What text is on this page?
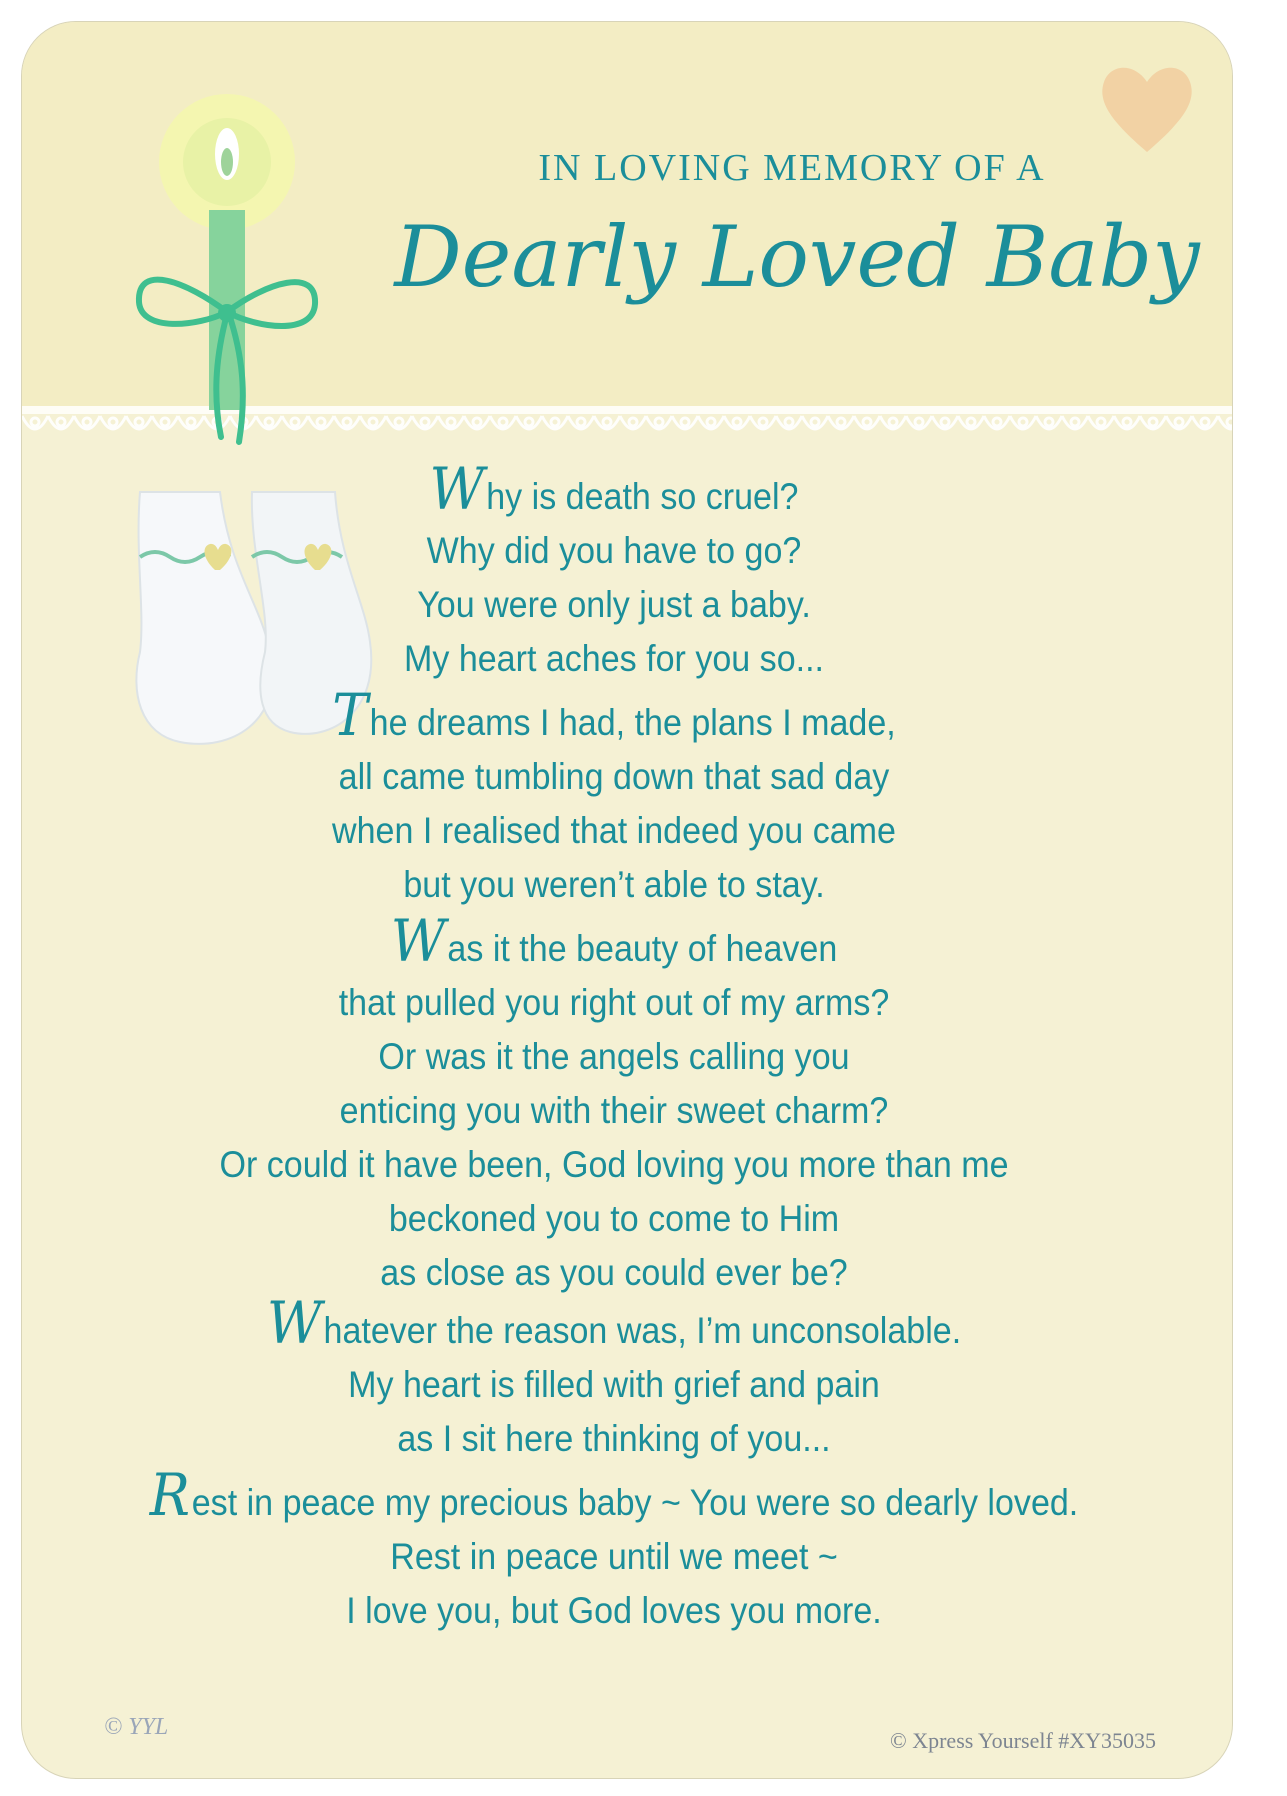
IN LOVING MEMORY OF A
Dearly Loved Baby
Why is death so cruel?
Why did you have to go?
You were only just a baby.
My heart aches for you so...
The dreams I had, the plans I made,
all came tumbling down that sad day
when I realised that indeed you came
but you weren’t able to stay.
Was it the beauty of heaven
that pulled you right out of my arms?
Or was it the angels calling you
enticing you with their sweet charm?
Or could it have been, God loving you more than me
beckoned you to come to Him
as close as you could ever be?
Whatever the reason was, I’m unconsolable.
My heart is filled with grief and pain
as I sit here thinking of you...
Rest in peace my precious baby ~ You were so dearly loved.
Rest in peace until we meet ~
I love you, but God loves you more.
© YYL
© Xpress Yourself #XY35035
